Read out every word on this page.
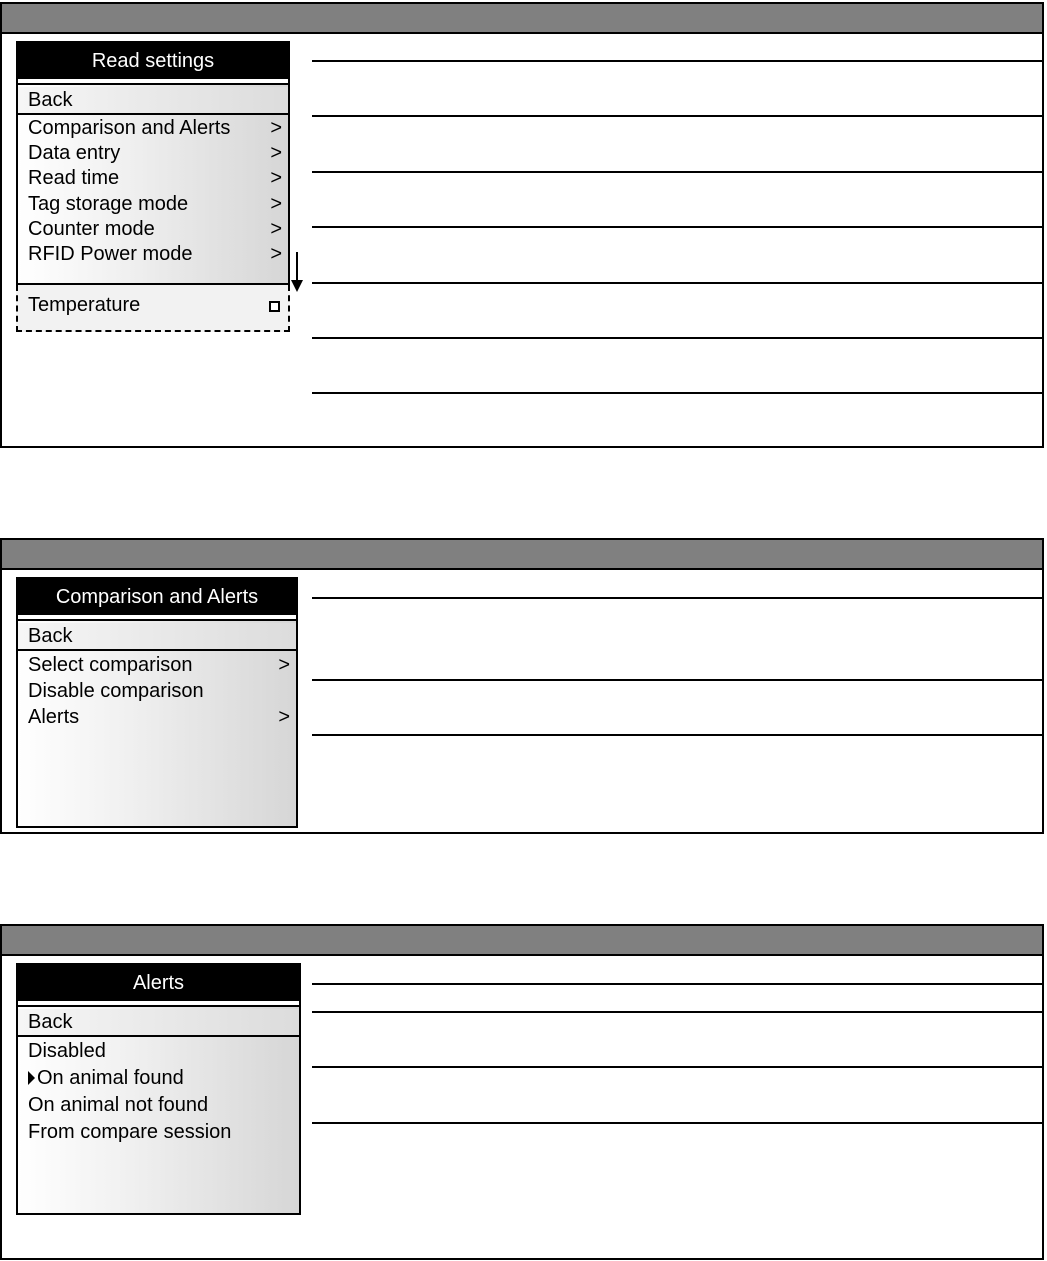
Read settings
Back
Comparison and Alerts >
Data entry	>
Read time	>
Tag storage mode	>
Counter mode	>
RFID Power mode	>
Temperature
Comparison and Alerts
Back
Select comparison	>
Disable comparison
Alerts	>
Alerts
Back
Disabled
On animal found
On animal not found
From compare session
